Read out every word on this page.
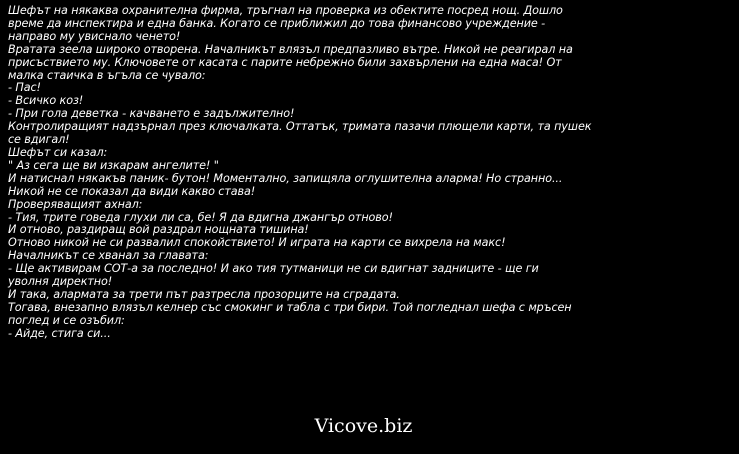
Шефът на някаква охранителна фирма, тръгнал на проверка из обектите посред нощ. Дошло
време да инспектира и една банка. Когато се приближил до това финансово учреждение -
направо му увиснало ченето!
Вратата зеела широко отворена. Началникът влязъл предпазливо вътре. Никой не реагирал на
присъствието му. Ключовете от касата с парите небрежно били захвърлени на една маса! От
малка стаичка в ъгъла се чувало:
- Пас!
- Всичко коз!
- При гола деветка - качването е задължително!
Контролиращият надзърнал през ключалката. Оттатък, тримата пазачи плющели карти, та пушек
се вдигал!
Шефът си казал:
" Аз сега ще ви изкарам ангелите! "
И натиснал някакъв паник- бутон! Моментално, запищяла оглушителна аларма! Но странно...
Никой не се показал да види какво става!
Проверяващият ахнал:
- Тия, трите говеда глухи ли са, бе! Я да вдигна джангър отново!
И отново, раздиращ вой раздрал нощната тишина!
Отново никой не си развалил спокойствието! И играта на карти се вихрела на макс!
Началникът се хванал за главата:
- Ще активирам СОТ-а за последно! И ако тия тутманици не си вдигнат задниците - ще ги
уволня директно!
И така, алармата за трети път разтресла прозорците на сградата.
Тогава, внезапно влязъл келнер със смокинг и табла с три бири. Той погледнал шефа с мръсен
поглед и се озъбил:
- Айде, стига си...
Vicove.biz
